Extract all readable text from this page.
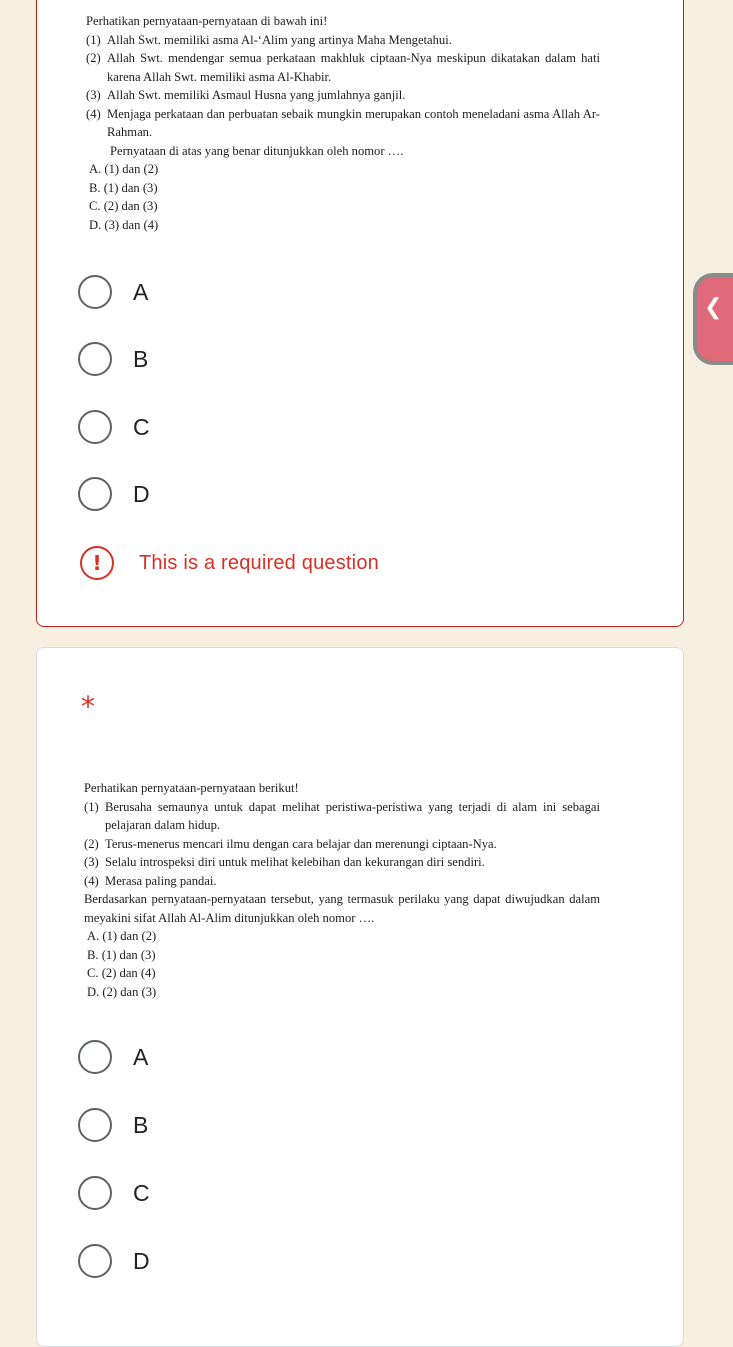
Perhatikan pernyataan-pernyataan di bawah ini!

(1) Allah Swt. memiliki asma Al-‘Alim yang artinya Maha Mengetahui.
(2) Allah Swt. mendengar semua perkataan makhluk ciptaan-Nya meskipun dikatakan dalam hati karena Allah Swt. memiliki asma Al-Khabir.
(3) Allah Swt. memiliki Asmaul Husna yang jumlahnya ganjil.
(4) Menjaga perkataan dan perbuatan sebaik mungkin merupakan contoh meneladani asma Allah Ar-Rahman.

Pernyataan di atas yang benar ditunjukkan oleh nomor ….

A. (1) dan (2)

B. (1) dan (3)

C. (2) dan (3)

D. (3) dan (4)

A
B
C
D
!	This is a required question
*

Perhatikan pernyataan-pernyataan berikut!

(1) Berusaha semaunya untuk dapat melihat peristiwa-peristiwa yang terjadi di alam ini sebagai pelajaran dalam hidup.
(2) Terus-menerus mencari ilmu dengan cara belajar dan merenungi ciptaan-Nya.
(3) Selalu introspeksi diri untuk melihat kelebihan dan kekurangan diri sendiri.
(4) Merasa paling pandai.

Berdasarkan pernyataan-pernyataan tersebut, yang termasuk perilaku yang dapat diwujudkan dalam meyakini sifat Allah Al-Alim ditunjukkan oleh nomor ….

A. (1) dan (2)

B. (1) dan (3)

C. (2) dan (4)

D. (2) dan (3)

A
B
C
D
❮
